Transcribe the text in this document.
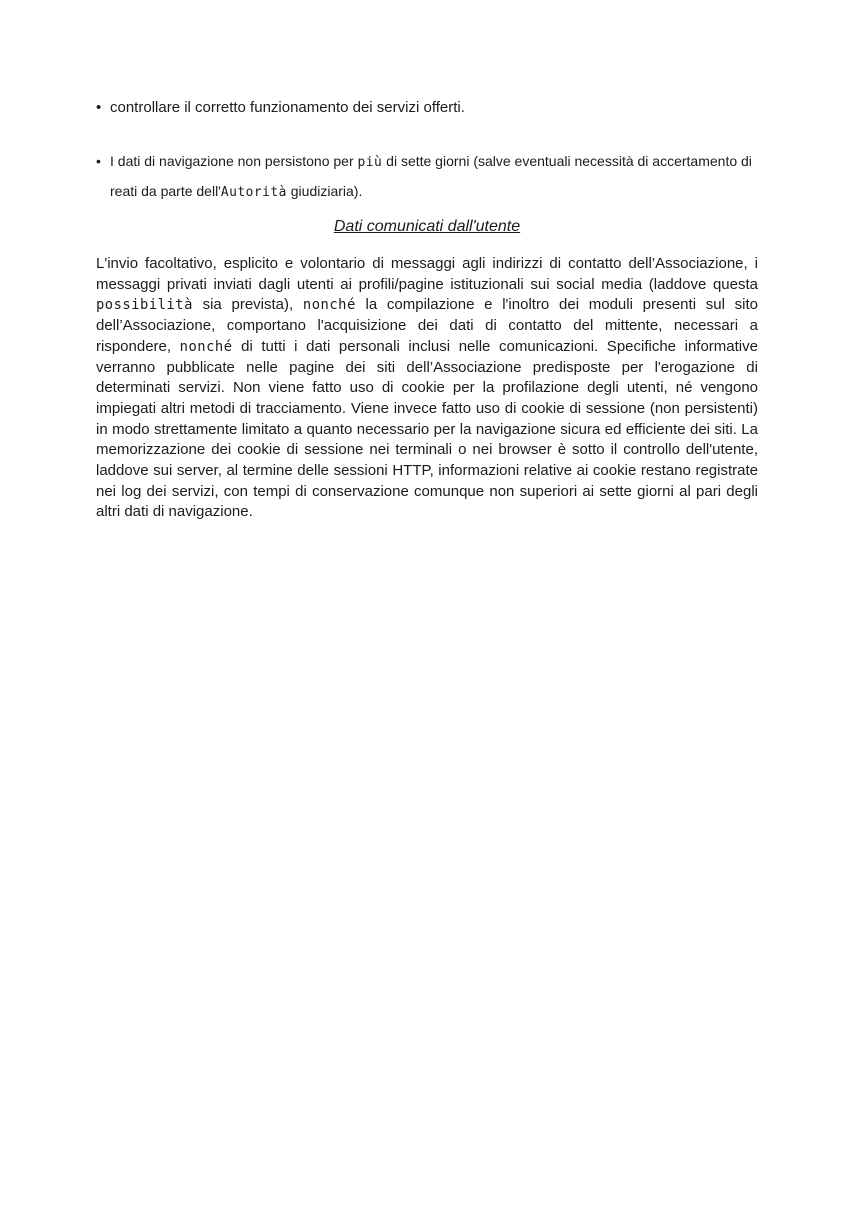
• controllare il corretto funzionamento dei servizi offerti.
• I dati di navigazione non persistono per più di sette giorni (salve eventuali necessità di accertamento di reati da parte dell'Autorità giudiziaria).
Dati comunicati dall'utente

L'invio facoltativo, esplicito e volontario di messaggi agli indirizzi di contatto dell’Associazione, i messaggi privati inviati dagli utenti ai profili/pagine istituzionali sui social media (laddove questa possibilità sia prevista), nonché la compilazione e l'inoltro dei moduli presenti sul sito dell’Associazione, comportano l'acquisizione dei dati di contatto del mittente, necessari a rispondere, nonché di tutti i dati personali inclusi nelle comunicazioni. Specifiche informative verranno pubblicate nelle pagine dei siti dell’Associazione predisposte per l'erogazione di determinati servizi. Non viene fatto uso di cookie per la profilazione degli utenti, né vengono impiegati altri metodi di tracciamento. Viene invece fatto uso di cookie di sessione (non persistenti) in modo strettamente limitato a quanto necessario per la navigazione sicura ed efficiente dei siti. La memorizzazione dei cookie di sessione nei terminali o nei browser è sotto il controllo dell'utente, laddove sui server, al termine delle sessioni HTTP, informazioni relative ai cookie restano registrate nei log dei servizi, con tempi di conservazione comunque non superiori ai sette giorni al pari degli altri dati di navigazione.
